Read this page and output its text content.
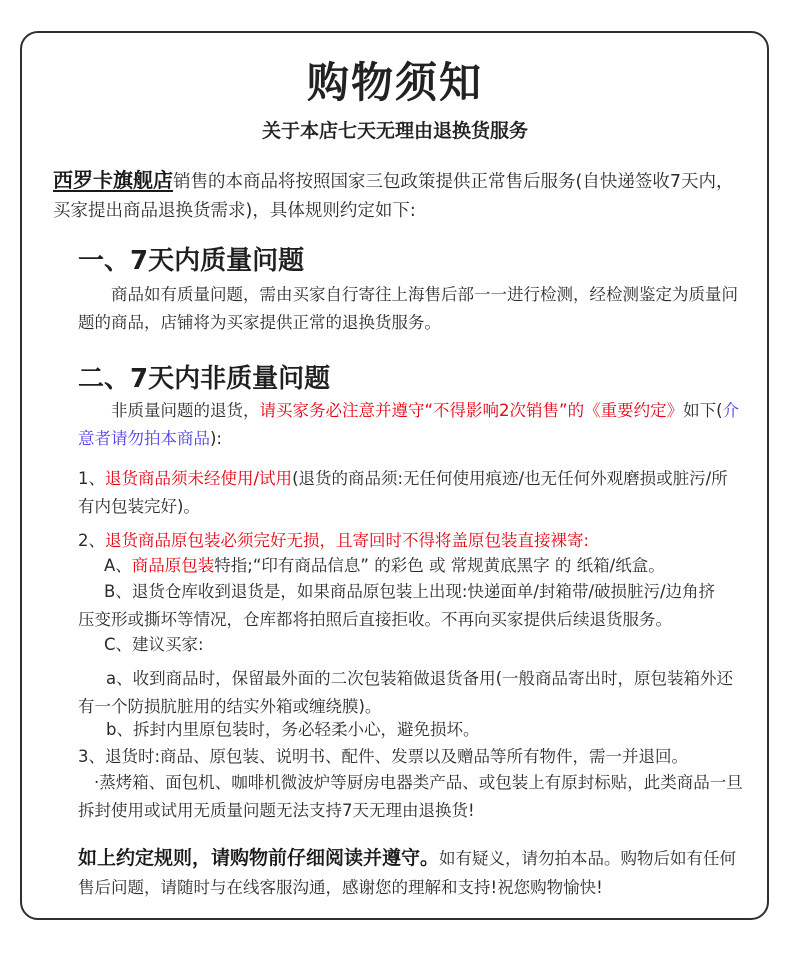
购物须知
关于本店七天无理由退换货服务
西罗卡旗舰店销售的本商品将按照国家三包政策提供正常售后服务(自快递签收7天内，买家提出商品退换货需求)，具体规则约定如下:
一、7天内质量问题
商品如有质量问题，需由买家自行寄往上海售后部一一进行检测，经检测鉴定为质量问题的商品，店铺将为买家提供正常的退换货服务。
二、7天内非质量问题
非质量问题的退货，请买家务必注意并遵守“不得影响2次销售”的《重要约定》如下(介意者请勿拍本商品):
1、退货商品须未经使用/试用(退货的商品须:无任何使用痕迹/也无任何外观磨损或脏污/所有内包装完好)。
2、退货商品原包装必须完好无损，且寄回时不得将盖原包装直接裸寄:
A、商品原包装特指;“印有商品信息” 的彩色 或 常规黄底黑字 的 纸箱/纸盒。
B、退货仓库收到退货是，如果商品原包装上出现:快递面单/封箱带/破损脏污/边角挤压变形或撕坏等情况，仓库都将拍照后直接拒收。不再向买家提供后续退货服务。
C、建议买家:
a、收到商品时，保留最外面的二次包装箱做退货备用(一般商品寄出时，原包装箱外还有一个防损肮脏用的结实外箱或缠绕膜)。
b、拆封内里原包装时，务必轻柔小心，避免损坏。
3、退货时:商品、原包装、说明书、配件、发票以及赠品等所有物件，需一并退回。
·蒸烤箱、面包机、咖啡机微波炉等厨房电器类产品、或包装上有原封标贴，此类商品一旦拆封使用或试用无质量问题无法支持7天无理由退换货!
如上约定规则，请购物前仔细阅读并遵守。如有疑义，请勿拍本品。购物后如有任何售后问题，请随时与在线客服沟通，感谢您的理解和支持!祝您购物愉快!
